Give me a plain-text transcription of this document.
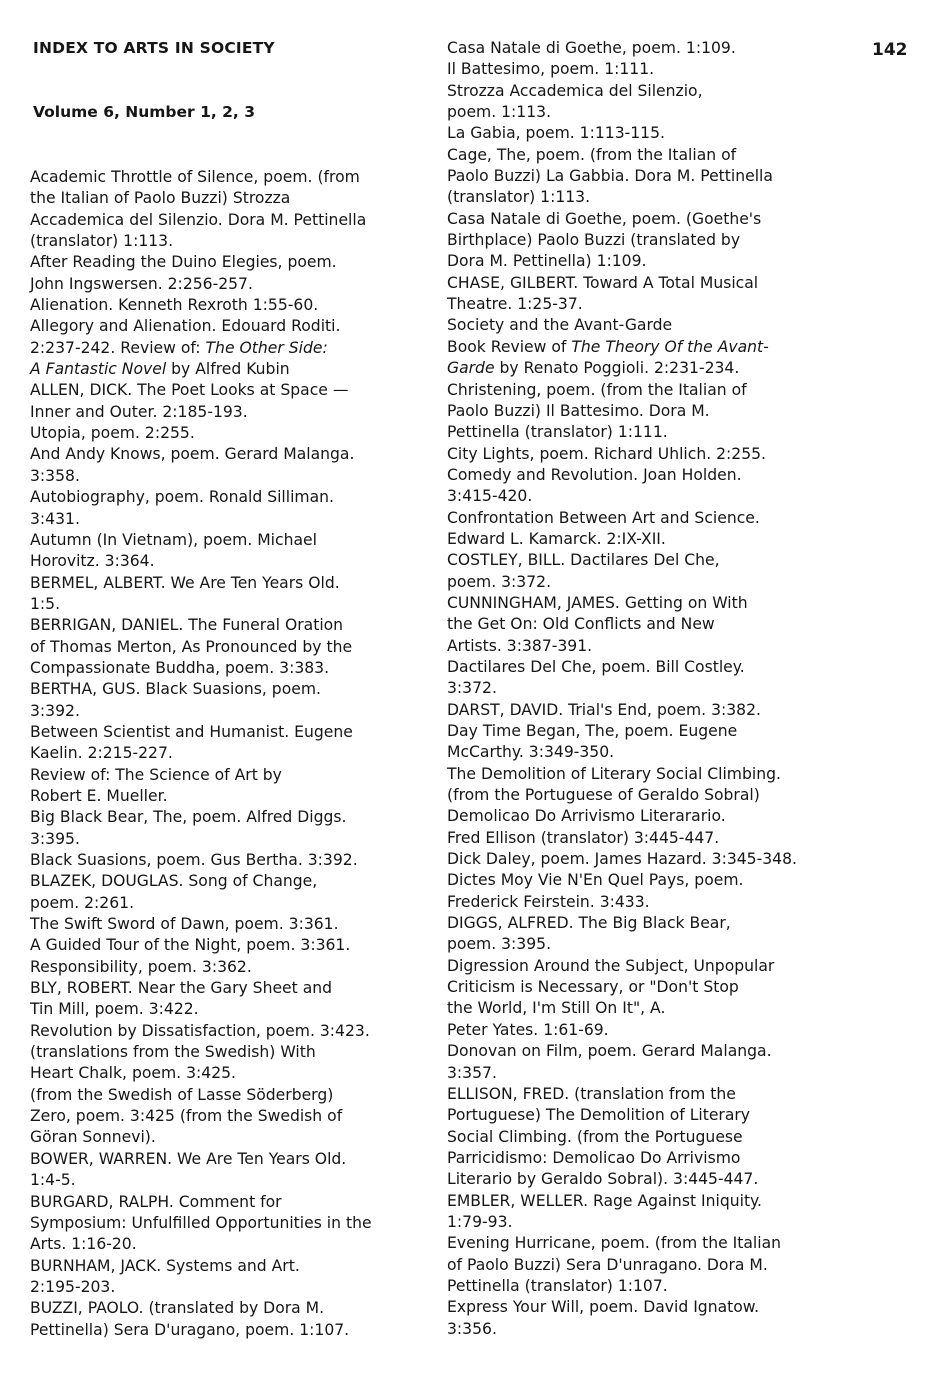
INDEX TO ARTS IN SOCIETY	142
Volume 6, Number 1, 2, 3
Academic Throttle of Silence, poem. (from
the Italian of Paolo Buzzi) Strozza
Accademica del Silenzio. Dora M. Pettinella
(translator) 1:113.
After Reading the Duino Elegies, poem.
John Ingswersen. 2:256-257.
Alienation. Kenneth Rexroth 1:55-60.
Allegory and Alienation. Edouard Roditi.
2:237-242. Review of: The Other Side:
A Fantastic Novel by Alfred Kubin
ALLEN, DICK. The Poet Looks at Space —
Inner and Outer. 2:185-193.
Utopia, poem. 2:255.
And Andy Knows, poem. Gerard Malanga.
3:358.
Autobiography, poem. Ronald Silliman.
3:431.
Autumn (In Vietnam), poem. Michael
Horovitz. 3:364.
BERMEL, ALBERT. We Are Ten Years Old.
1:5.
BERRIGAN, DANIEL. The Funeral Oration
of Thomas Merton, As Pronounced by the
Compassionate Buddha, poem. 3:383.
BERTHA, GUS. Black Suasions, poem.
3:392.
Between Scientist and Humanist. Eugene
Kaelin. 2:215-227.
Review of: The Science of Art by
Robert E. Mueller.
Big Black Bear, The, poem. Alfred Diggs.
3:395.
Black Suasions, poem. Gus Bertha. 3:392.
BLAZEK, DOUGLAS. Song of Change,
poem. 2:261.
The Swift Sword of Dawn, poem. 3:361.
A Guided Tour of the Night, poem. 3:361.
Responsibility, poem. 3:362.
BLY, ROBERT. Near the Gary Sheet and
Tin Mill, poem. 3:422.
Revolution by Dissatisfaction, poem. 3:423.
(translations from the Swedish) With
Heart Chalk, poem. 3:425.
(from the Swedish of Lasse Söderberg)
Zero, poem. 3:425 (from the Swedish of
Göran Sonnevi).
BOWER, WARREN. We Are Ten Years Old.
1:4-5.
BURGARD, RALPH. Comment for
Symposium: Unfulfilled Opportunities in the
Arts. 1:16-20.
BURNHAM, JACK. Systems and Art.
2:195-203.
BUZZI, PAOLO. (translated by Dora M.
Pettinella) Sera D'uragano, poem. 1:107.
Casa Natale di Goethe, poem. 1:109.
Il Battesimo, poem. 1:111.
Strozza Accademica del Silenzio,
poem. 1:113.
La Gabia, poem. 1:113-115.
Cage, The, poem. (from the Italian of
Paolo Buzzi) La Gabbia. Dora M. Pettinella
(translator) 1:113.
Casa Natale di Goethe, poem. (Goethe's
Birthplace) Paolo Buzzi (translated by
Dora M. Pettinella) 1:109.
CHASE, GILBERT. Toward A Total Musical
Theatre. 1:25-37.
Society and the Avant-Garde
Book Review of The Theory Of the Avant-
Garde by Renato Poggioli. 2:231-234.
Christening, poem. (from the Italian of
Paolo Buzzi) Il Battesimo. Dora M.
Pettinella (translator) 1:111.
City Lights, poem. Richard Uhlich. 2:255.
Comedy and Revolution. Joan Holden.
3:415-420.
Confrontation Between Art and Science.
Edward L. Kamarck. 2:IX-XII.
COSTLEY, BILL. Dactilares Del Che,
poem. 3:372.
CUNNINGHAM, JAMES. Getting on With
the Get On: Old Conflicts and New
Artists. 3:387-391.
Dactilares Del Che, poem. Bill Costley.
3:372.
DARST, DAVID. Trial's End, poem. 3:382.
Day Time Began, The, poem. Eugene
McCarthy. 3:349-350.
The Demolition of Literary Social Climbing.
(from the Portuguese of Geraldo Sobral)
Demolicao Do Arrivismo Literarario.
Fred Ellison (translator) 3:445-447.
Dick Daley, poem. James Hazard. 3:345-348.
Dictes Moy Vie N'En Quel Pays, poem.
Frederick Feirstein. 3:433.
DIGGS, ALFRED. The Big Black Bear,
poem. 3:395.
Digression Around the Subject, Unpopular
Criticism is Necessary, or "Don't Stop
the World, I'm Still On It", A.
Peter Yates. 1:61-69.
Donovan on Film, poem. Gerard Malanga.
3:357.
ELLISON, FRED. (translation from the
Portuguese) The Demolition of Literary
Social Climbing. (from the Portuguese
Parricidismo: Demolicao Do Arrivismo
Literario by Geraldo Sobral). 3:445-447.
EMBLER, WELLER. Rage Against Iniquity.
1:79-93.
Evening Hurricane, poem. (from the Italian
of Paolo Buzzi) Sera D'unragano. Dora M.
Pettinella (translator) 1:107.
Express Your Will, poem. David Ignatow.
3:356.
